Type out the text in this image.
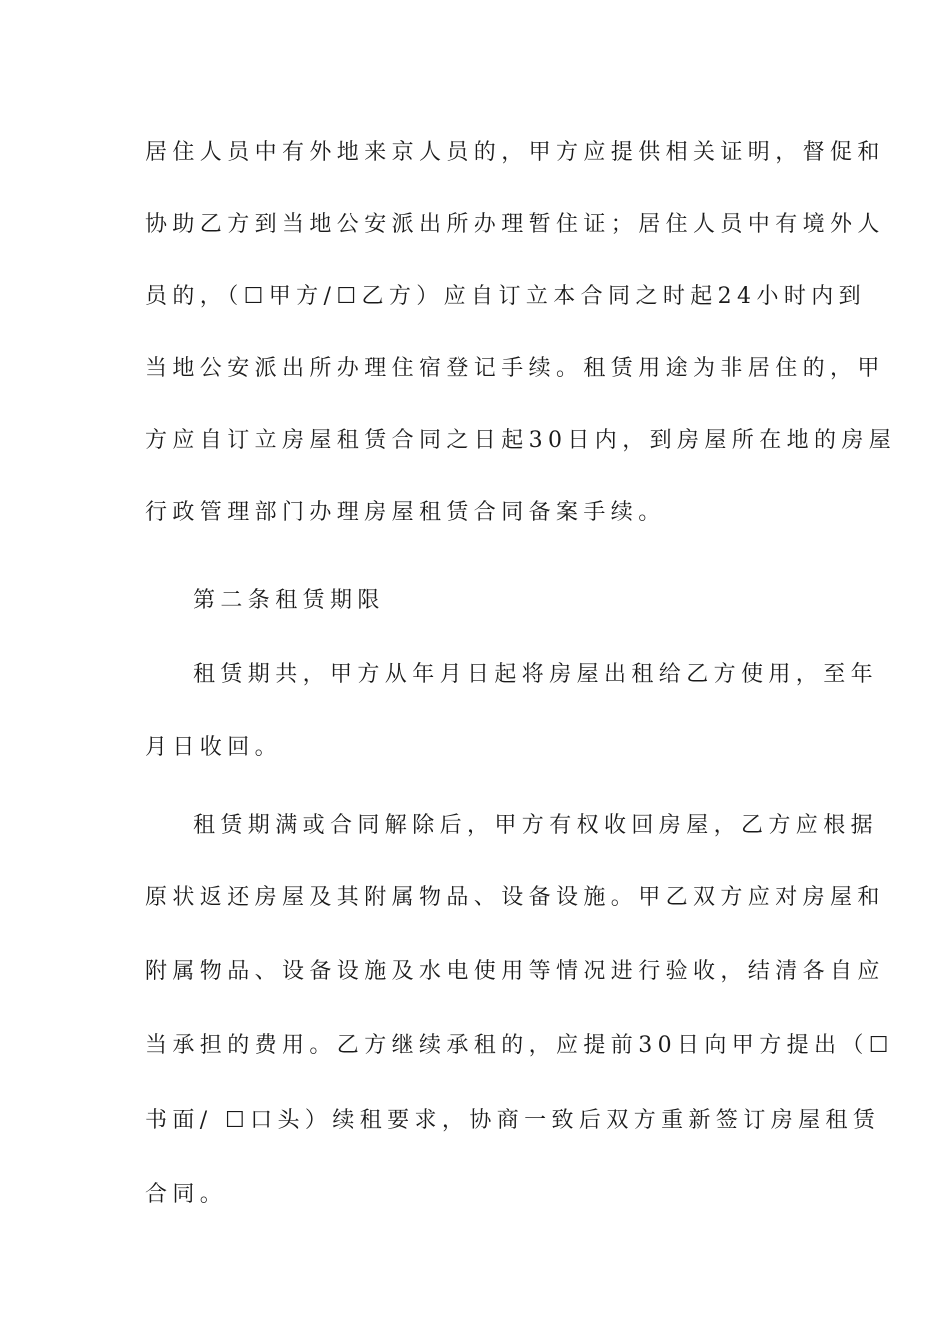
居住人员中有外地来京人员的，甲方应提供相关证明，督促和
协助乙方到当地公安派出所办理暂住证；居住人员中有境外人
员的，（☐甲方/☐乙方）应自订立本合同之时起24小时内到
当地公安派出所办理住宿登记手续。租赁用途为非居住的，甲
方应自订立房屋租赁合同之日起30日内，到房屋所在地的房屋
行政管理部门办理房屋租赁合同备案手续。
第二条租赁期限
租赁期共，甲方从年月日起将房屋出租给乙方使用，至年
月日收回。
租赁期满或合同解除后，甲方有权收回房屋，乙方应根据
原状返还房屋及其附属物品、设备设施。甲乙双方应对房屋和
附属物品、设备设施及水电使用等情况进行验收，结清各自应
当承担的费用。乙方继续承租的，应提前30日向甲方提出（☐
书面/ ☐口头）续租要求，协商一致后双方重新签订房屋租赁
合同。
